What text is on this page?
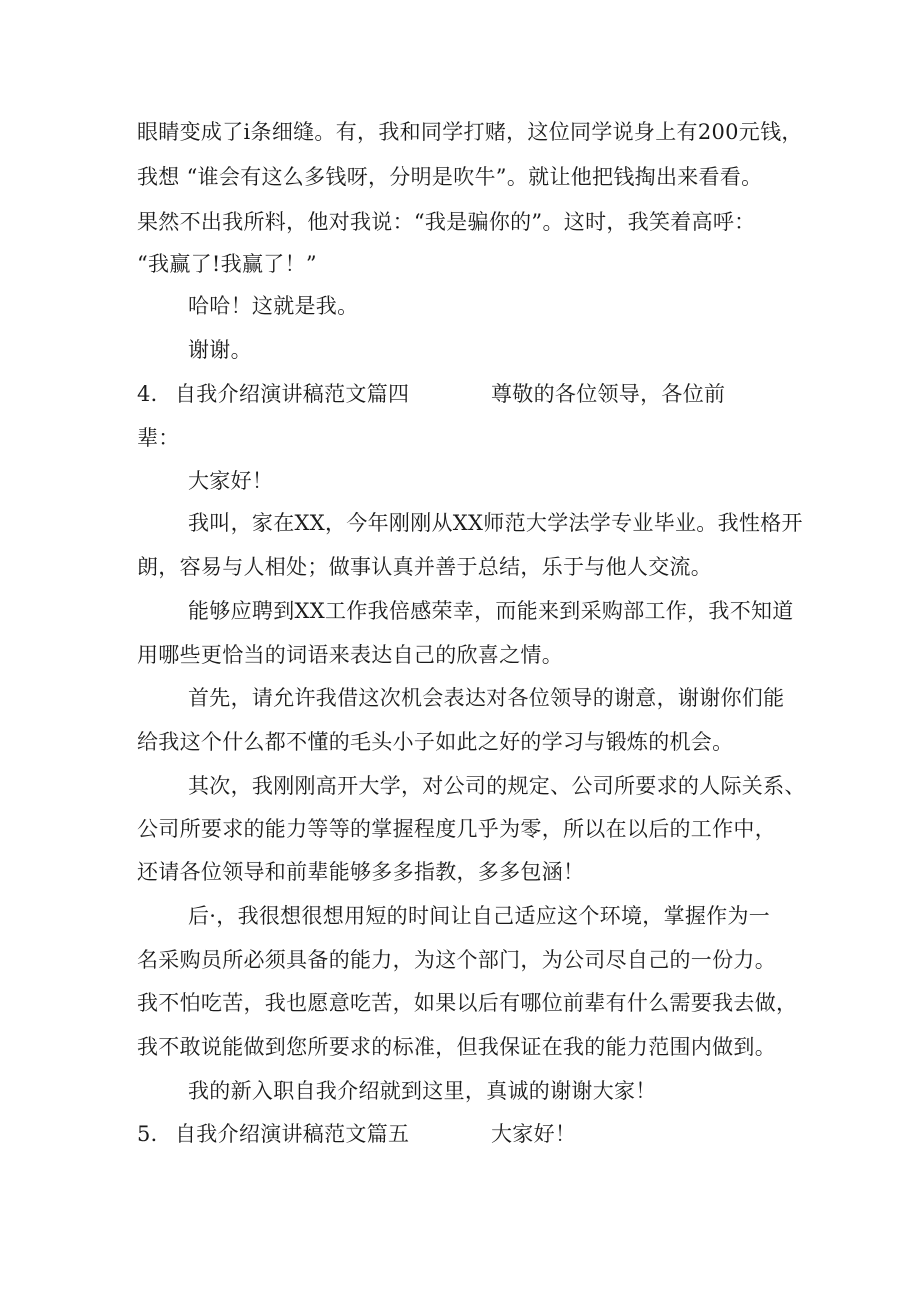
眼睛变成了i条细缝。有，我和同学打赌，这位同学说身上有200元钱，
我想 “谁会有这么多钱呀，分明是吹牛”。就让他把钱掏出来看看。
果然不出我所料，他对我说：“我是骗你的”。这时，我笑着高呼：
“我赢了!我赢了！”
哈哈！这就是我。
谢谢。
4． 自我介绍演讲稿范文篇四	尊敬的各位领导，各位前
辈：
大家好！
我叫，家在XX，今年刚刚从XX师范大学法学专业毕业。我性格开
朗，容易与人相处；做事认真并善于总结，乐于与他人交流。
能够应聘到XX工作我倍感荣幸，而能来到采购部工作，我不知道
用哪些更恰当的词语来表达自己的欣喜之情。
首先，请允许我借这次机会表达对各位领导的谢意，谢谢你们能
给我这个什么都不懂的毛头小子如此之好的学习与锻炼的机会。
其次，我刚刚高开大学，对公司的规定、公司所要求的人际关系、
公司所要求的能力等等的掌握程度几乎为零，所以在以后的工作中，
还请各位领导和前辈能够多多指教，多多包涵！
后·，我很想很想用短的时间让自己适应这个环境，掌握作为一
名采购员所必须具备的能力，为这个部门，为公司尽自己的一份力。
我不怕吃苦，我也愿意吃苦，如果以后有哪位前辈有什么需要我去做，
我不敢说能做到您所要求的标准，但我保证在我的能力范围内做到。
我的新入职自我介绍就到这里，真诚的谢谢大家！
5． 自我介绍演讲稿范文篇五	大家好！
